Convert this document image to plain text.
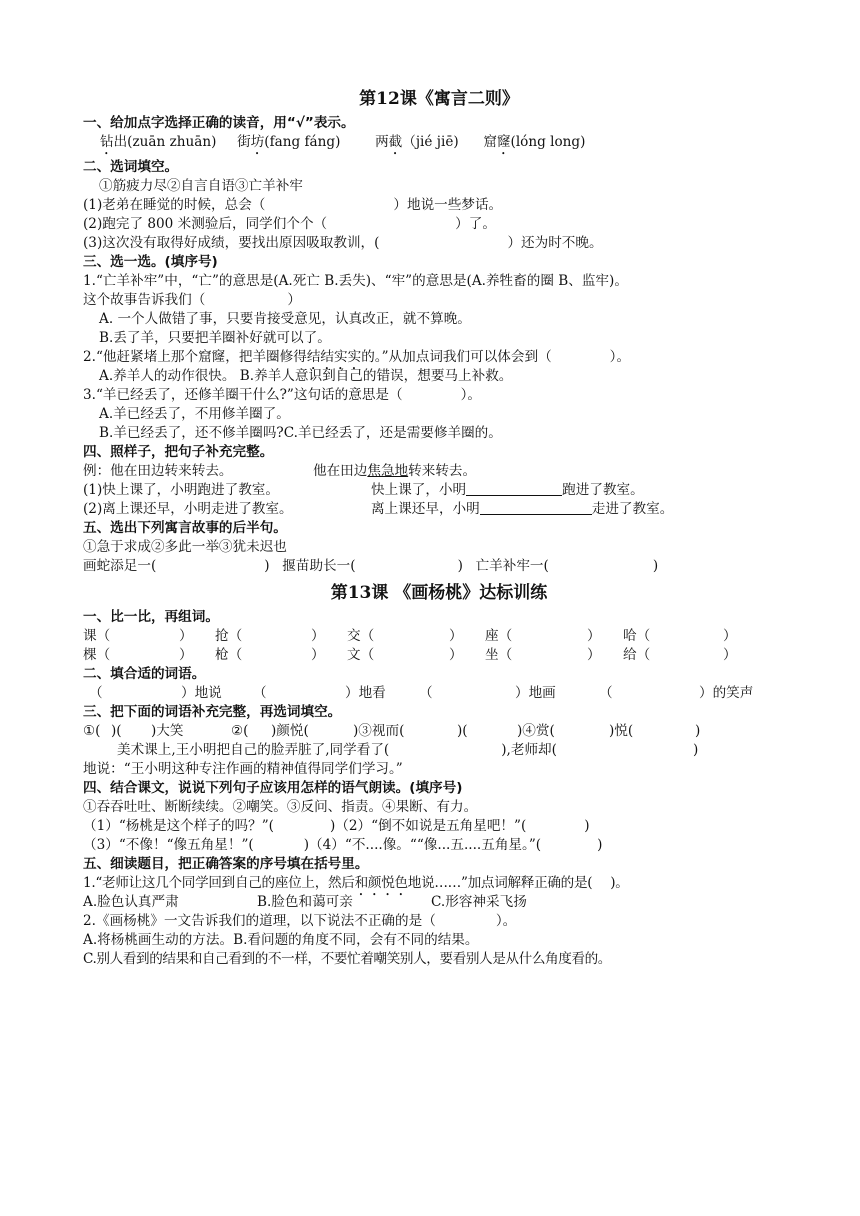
第12课《寓言二则》
一、给加点字选择正确的读音，用“√”表示。
钻出(zuān zhuān) 街坊(fang fáng)	两截（jié jiē) 窟窿(lóng long)
二、选词填空。
①筋疲力尽②自言自语③亡羊补牢
(1)老弟在睡觉的时候，总会（	）地说一些梦话。
(2)跑完了 800 米测验后，同学们个个（	）了。
(3)这次没有取得好成绩，要找出原因吸取教训，(	）还为时不晚。
三、选一选。(填序号)
1.“亡羊补牢”中，“亡”的意思是(A.死亡 B.丢失)、“牢”的意思是(A.养牲畜的圈 B、监牢)。
这个故事告诉我们（	）
A. 一个人做错了事，只要肯接受意见，认真改正，就不算晚。
B.丢了羊，只要把羊圈补好就可以了。
2.“他赶紧堵上那个窟窿，把羊圈修得结结实实的。”从加点词我们可以体会到（	）。
A.养羊人的动作很快。 B.养羊人意识到自己的错误，想要马上补救。
3.“羊已经丢了，还修羊圈干什么?”这句话的意思是（	）。
A.羊已经丢了，不用修羊圈了。
B.羊已经丢了，还不修羊圈吗?C.羊已经丢了，还是需要修羊圈的。
四、照样子，把句子补充完整。
例：他在田边转来转去。	他在田边 焦急地 转来转去。
(1)快上课了，小明跑进了教室。	快上课了，小明	跑进了教室。
(2)离上课还早，小明走进了教室。	离上课还早，小明	走进了教室。
五、选出下列寓言故事的后半句。
①急于求成②多此一举③犹未迟也
画蛇添足一(	) 揠苗助长一(	) 亡羊补牢一(	)
第13课 《画杨桃》达标训练
一、比一比，再组词。
课（	）	抢（	）	交（	）	座（	）	哈（	）
棵（	）	枪（	）	文（	）	坐（	）	给（	）
二、填合适的词语。
（	）地说	（	）地看	（	）地画	（	）的笑声
三、把下面的词语补充完整，再选词填空。
①( )(	)大笑	②(	)颜悦(	)③视而(	)(	)④赏(	)悦(	)
美术课上,王小明把自己的脸弄脏了,同学看了(	),老师却(	)
地说：“王小明这种专注作画的精神值得同学们学习。”
四、结合课文，说说下列句子应该用怎样的语气朗读。(填序号)
①吞吞吐吐、断断续续。②嘲笑。③反问、指责。④果断、有力。
（1）“杨桃是这个样子的吗？”(	)（2）“倒不如说是五角星吧！”(	)
（3）“不像！“像五角星！”(	)（4）“不....像。““像...五....五角星。”(	)
五、细读题目，把正确答案的序号填在括号里。
1.“老师让这几个同学回到自己的座位上，然后和颜悦色地说……”加点词解释正确的是( )。
A.脸色认真严肃	B.脸色和蔼可亲	C.形容神采飞扬
2.《画杨桃》一文告诉我们的道理，以下说法不正确的是（	）。
A.将杨桃画生动的方法。B.看问题的角度不同，会有不同的结果。
C.别人看到的结果和自己看到的不一样，不要忙着嘲笑别人，要看别人是从什么角度看的。
